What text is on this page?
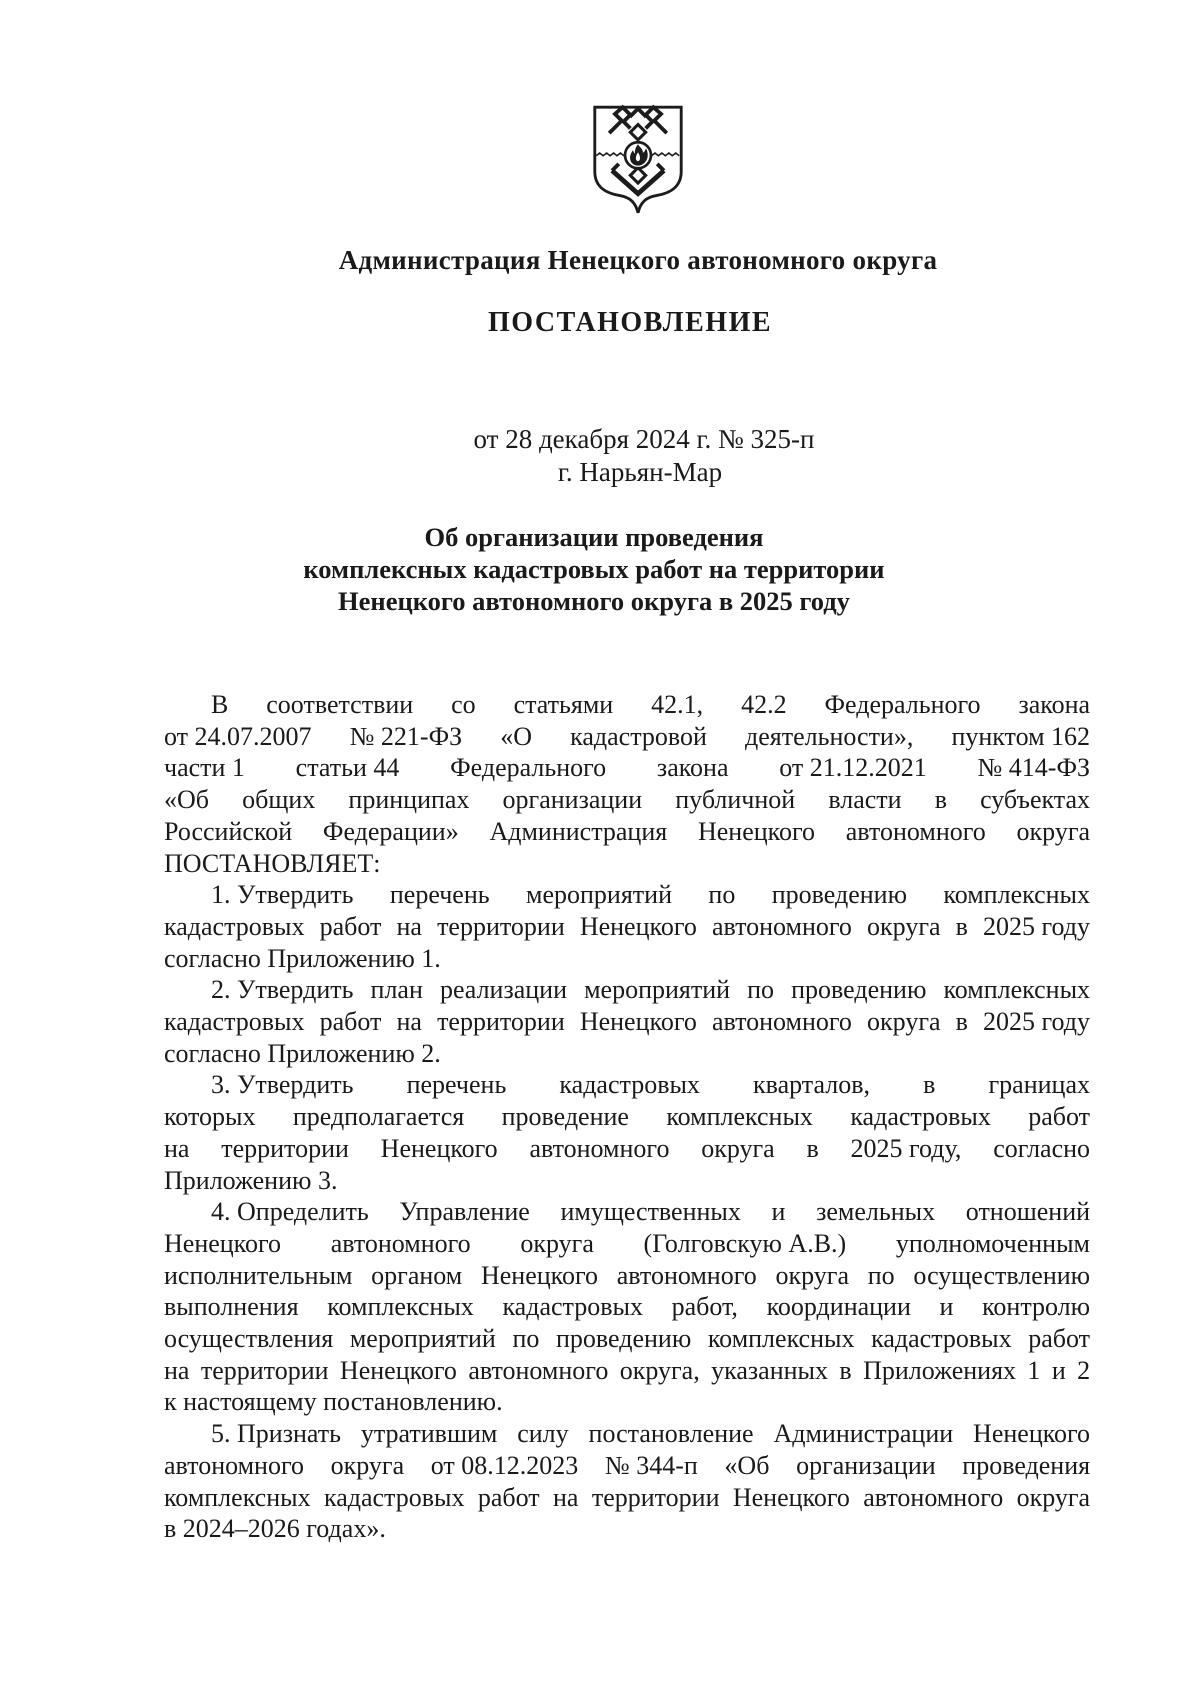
Администрация Ненецкого автономного округа
ПОСТАНОВЛЕНИЕ
от 28 декабря 2024 г. № 325-п
г. Нарьян-Мар
Об организации проведения
комплексных кадастровых работ на территории
Ненецкого автономного округа в 2025 году
В соответствии со статьями 42.1, 42.2 Федерального закона
от 24.07.2007 № 221-ФЗ «О кадастровой деятельности», пунктом 162
части 1 статьи 44 Федерального закона от 21.12.2021 № 414-ФЗ
«Об общих принципах организации публичной власти в субъектах
Российской Федерации» Администрация Ненецкого автономного округа
ПОСТАНОВЛЯЕТ:
1. Утвердить перечень мероприятий по проведению комплексных
кадастровых работ на территории Ненецкого автономного округа в 2025 году
согласно Приложению 1.
2. Утвердить план реализации мероприятий по проведению комплексных
кадастровых работ на территории Ненецкого автономного округа в 2025 году
согласно Приложению 2.
3. Утвердить перечень кадастровых кварталов, в границах
которых предполагается проведение комплексных кадастровых работ
на территории Ненецкого автономного округа в 2025 году, согласно
Приложению 3.
4. Определить Управление имущественных и земельных отношений
Ненецкого автономного округа (Голговскую А.В.) уполномоченным
исполнительным органом Ненецкого автономного округа по осуществлению
выполнения комплексных кадастровых работ, координации и контролю
осуществления мероприятий по проведению комплексных кадастровых работ
на территории Ненецкого автономного округа, указанных в Приложениях 1 и 2
к настоящему постановлению.
5. Признать утратившим силу постановление Администрации Ненецкого
автономного округа от 08.12.2023 № 344-п «Об организации проведения
комплексных кадастровых работ на территории Ненецкого автономного округа
в 2024–2026 годах».
